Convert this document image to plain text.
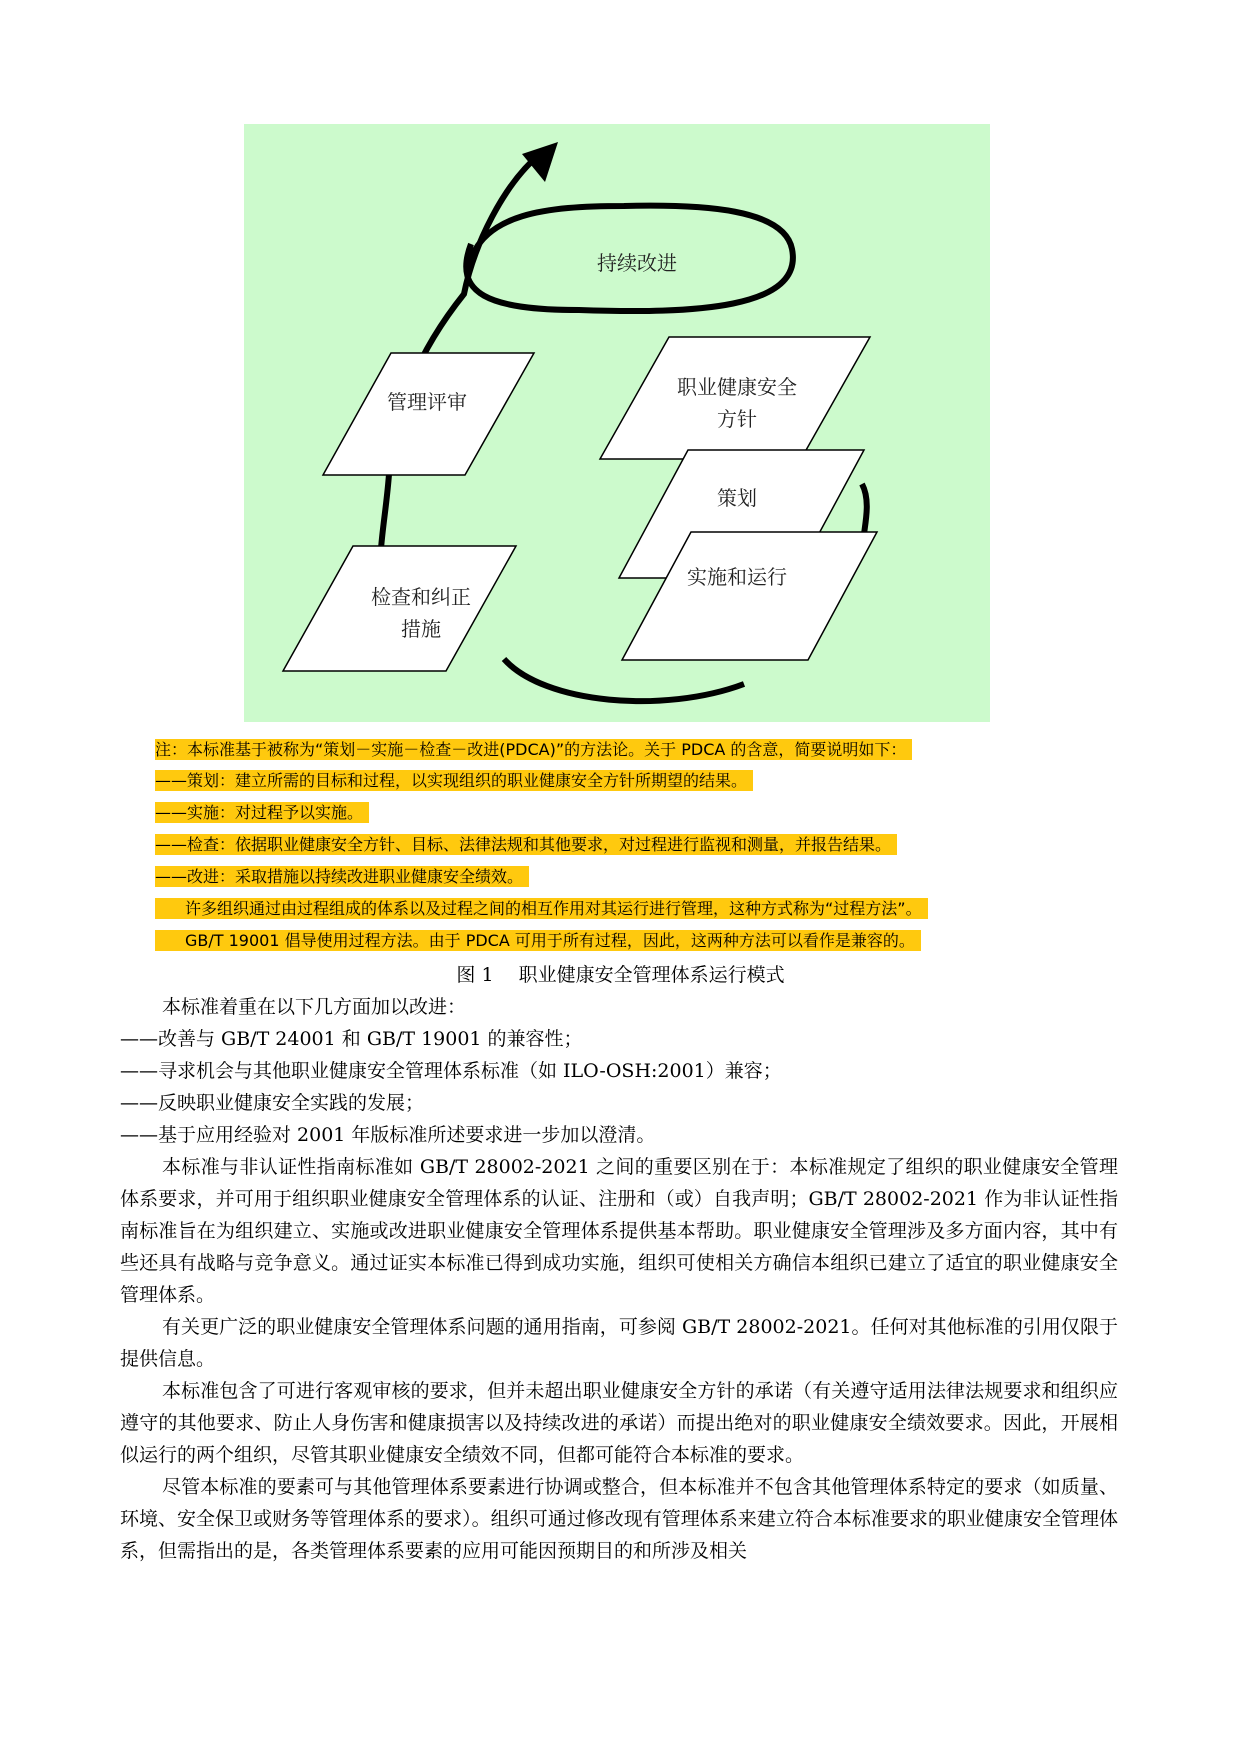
持续改进
管理评审
职业健康安全
方针
策划
实施和运行
检查和纠正
措施
注：本标准基于被称为“策划－实施－检查－改进(PDCA)”的方法论。关于 PDCA 的含意，简要说明如下：
——策划：建立所需的目标和过程，以实现组织的职业健康安全方针所期望的结果。
——实施：对过程予以实施。
——检查：依据职业健康安全方针、目标、法律法规和其他要求，对过程进行监视和测量，并报告结果。
——改进：采取措施以持续改进职业健康安全绩效。
许多组织通过由过程组成的体系以及过程之间的相互作用对其运行进行管理，这种方式称为“过程方法”。
GB/T 19001 倡导使用过程方法。由于 PDCA 可用于所有过程，因此，这两种方法可以看作是兼容的。
图 1　 职业健康安全管理体系运行模式

本标准着重在以下几方面加以改进：

——改善与 GB/T 24001 和 GB/T 19001 的兼容性；

——寻求机会与其他职业健康安全管理体系标准（如 ILO-OSH:2001）兼容；

——反映职业健康安全实践的发展；

——基于应用经验对 2001 年版标准所述要求进一步加以澄清。

本标准与非认证性指南标准如 GB/T 28002-2021 之间的重要区别在于：本标准规定了组织的职业健康安全管理体系要求，并可用于组织职业健康安全管理体系的认证、注册和（或）自我声明；GB/T 28002-2021 作为非认证性指南标准旨在为组织建立、实施或改进职业健康安全管理体系提供基本帮助。职业健康安全管理涉及多方面内容，其中有些还具有战略与竞争意义。通过证实本标准已得到成功实施，组织可使相关方确信本组织已建立了适宜的职业健康安全管理体系。

有关更广泛的职业健康安全管理体系问题的通用指南，可参阅 GB/T 28002-2021。任何对其他标准的引用仅限于提供信息。

本标准包含了可进行客观审核的要求，但并未超出职业健康安全方针的承诺（有关遵守适用法律法规要求和组织应遵守的其他要求、防止人身伤害和健康损害以及持续改进的承诺）而提出绝对的职业健康安全绩效要求。因此，开展相似运行的两个组织，尽管其职业健康安全绩效不同，但都可能符合本标准的要求。

尽管本标准的要素可与其他管理体系要素进行协调或整合，但本标准并不包含其他管理体系特定的要求（如质量、环境、安全保卫或财务等管理体系的要求）。组织可通过修改现有管理体系来建立符合本标准要求的职业健康安全管理体系，但需指出的是，各类管理体系要素的应用可能因预期目的和所涉及相关
